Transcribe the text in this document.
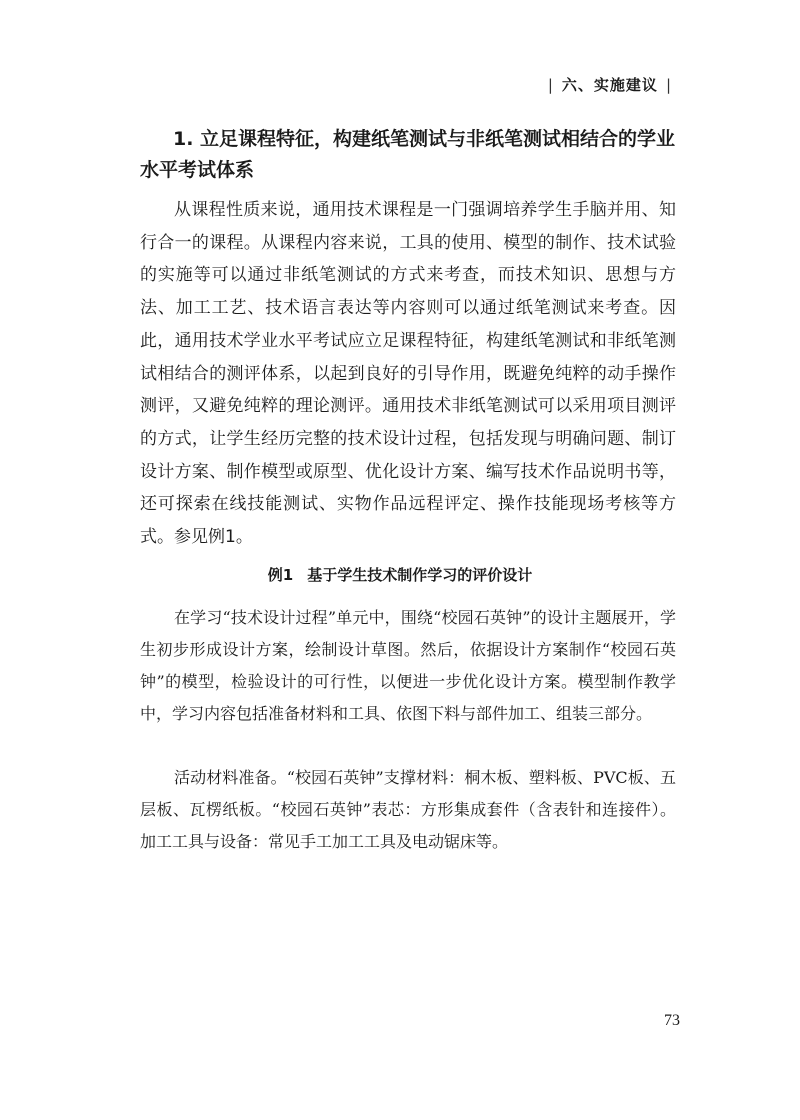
| 六、实施建议 |
1. 立足课程特征，构建纸笔测试与非纸笔测试相结合的学业水平考试体系

从课程性质来说，通用技术课程是一门强调培养学生手脑并用、知行合一的课程。从课程内容来说，工具的使用、模型的制作、技术试验的实施等可以通过非纸笔测试的方式来考查，而技术知识、思想与方法、加工工艺、技术语言表达等内容则可以通过纸笔测试来考查。因此，通用技术学业水平考试应立足课程特征，构建纸笔测试和非纸笔测试相结合的测评体系，以起到良好的引导作用，既避免纯粹的动手操作测评，又避免纯粹的理论测评。通用技术非纸笔测试可以采用项目测评的方式，让学生经历完整的技术设计过程，包括发现与明确问题、制订设计方案、制作模型或原型、优化设计方案、编写技术作品说明书等，还可探索在线技能测试、实物作品远程评定、操作技能现场考核等方式。参见例1。

例1 基于学生技术制作学习的评价设计

在学习“技术设计过程”单元中，围绕“校园石英钟”的设计主题展开，学生初步形成设计方案，绘制设计草图。然后，依据设计方案制作“校园石英钟”的模型，检验设计的可行性，以便进一步优化设计方案。模型制作教学中，学习内容包括准备材料和工具、依图下料与部件加工、组装三部分。

活动材料准备。“校园石英钟”支撑材料：桐木板、塑料板、PVC板、五层板、瓦楞纸板。“校园石英钟”表芯：方形集成套件（含表针和连接件）。加工工具与设备：常见手工加工工具及电动锯床等。

73
